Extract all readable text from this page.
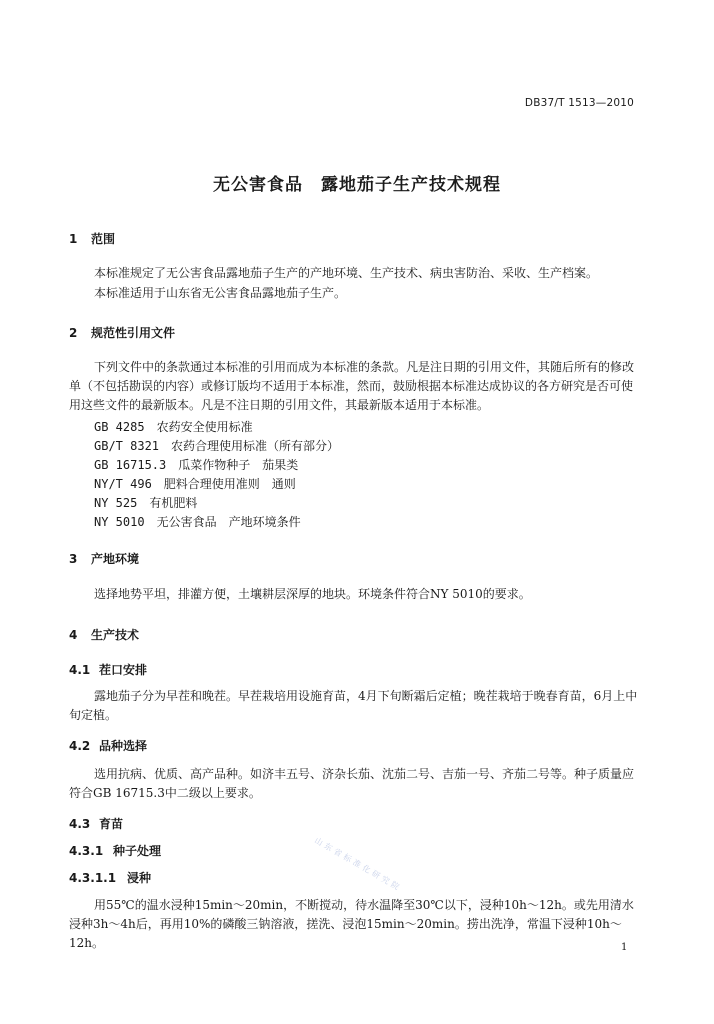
DB37/T 1513—2010
无公害食品　露地茄子生产技术规程
1 范围
本标准规定了无公害食品露地茄子生产的产地环境、生产技术、病虫害防治、采收、生产档案。
本标准适用于山东省无公害食品露地茄子生产。
2 规范性引用文件
下列文件中的条款通过本标准的引用而成为本标准的条款。凡是注日期的引用文件，其随后所有的修改单（不包括勘误的内容）或修订版均不适用于本标准，然而，鼓励根据本标准达成协议的各方研究是否可使用这些文件的最新版本。凡是不注日期的引用文件，其最新版本适用于本标准。
GB 4285　农药安全使用标准
GB/T 8321　农药合理使用标准（所有部分）
GB 16715.3　瓜菜作物种子　茄果类
NY/T 496　肥料合理使用准则　通则
NY 525　有机肥料
NY 5010　无公害食品　产地环境条件
3 产地环境
选择地势平坦，排灌方便，土壤耕层深厚的地块。环境条件符合NY 5010的要求。
4 生产技术
4.1 茬口安排
露地茄子分为早茬和晚茬。早茬栽培用设施育苗，4月下旬断霜后定植；晚茬栽培于晚春育苗，6月上中旬定植。
4.2 品种选择
选用抗病、优质、高产品种。如济丰五号、济杂长茄、沈茄二号、吉茄一号、齐茄二号等。种子质量应符合GB 16715.3中二级以上要求。
4.3 育苗
4.3.1 种子处理
4.3.1.1 浸种
用55℃的温水浸种15min～20min，不断搅动，待水温降至30℃以下，浸种10h～12h。或先用清水浸种3h～4h后，再用10%的磷酸三钠溶液，搓洗、浸泡15min～20min。捞出洗净，常温下浸种10h～12h。
山东省标准化研究院
1
